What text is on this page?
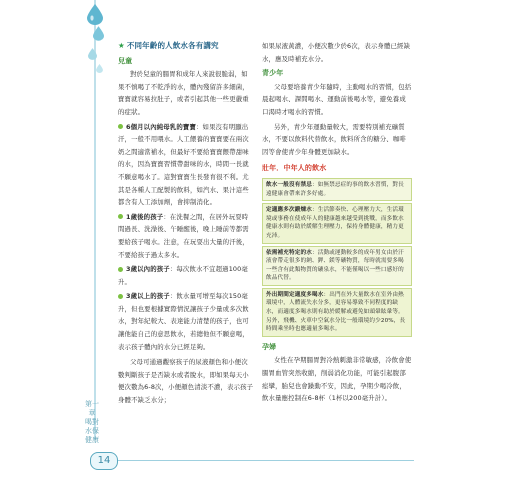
第一章 喝對水保健康
14
★ 不同年齡的人飲水各有講究
兒童

對於兒童的腸胃和成年人來說很脆弱，如果不慎喝了不乾淨的水，體內殘留許多細菌，寶寶就容易拉肚子，或者引起其他一些更嚴重的症狀。

6個月以內純母乳的寶寶：如果沒有明顯出汗，一般不用喂水。人工餵養的寶寶要在兩次奶之間適當補水，但最好不要給寶寶餵帶甜味的水，因為寶寶習慣帶甜味的水，時間一長就不願意喝水了。這對寶寶生長發育很不利。尤其是各種人工配製的飲料，如汽水、果汁這些都含有人工添加劑，會抑制消化。

1歲後的孩子：在洗餐之間，在居外玩耍時間過長、洗澡後、午睡醒後，晚上睡前等都需要給孩子喝水。注意，在玩耍出大量的汗後，不要給孩子過太多水。

3歲以內的孩子：每次飲水不宜超過100毫升。

3歲以上的孩子：飲水量可增至每次150毫升，但也要根據實際情況讓孩子少量或多次飲水，對年紀較大、表達能力清楚的孩子，也可讓他能自己的意思飲水，若總他但不願意喝，表示孩子體內的水分已經足夠。

父母可通過觀察孩子的尿液顏色和小便次數判斷孩子是否缺水或者脫水，即如果每天小便次數為6-8次，小便顏色清淡不濃，表示孩子身體不缺乏水分；

如果尿液黃濃，小便次數少於6次，表示身體已經缺水，應及時補充水分。

青少年

父母要培養青少年隨時，主動喝水的習慣，包括晨起喝水、課間喝水、運動前後喝水等，避免養成口渴時才喝水的習慣。

另外，青少年運動量較大，需要特別補充礦質水，不要以飲料代替飲水，飲料所含的糖分、咖啡因等會使青少年身體更加缺水。

壯年．中年人的飲水
飲水一般沒有禁忌：如無禁忌症的事的飲水習慣，對長遠健康會帶來許多好處。
定適應多次鍛煉水：生活節奏快、心理壓力大，生活環境或事務在使成年人的健康越來越受到挑戰，而多飲水健康水則有助於緩解生理壓力，保持身體健康，精力更充沛。
依需補充特定的水：活動或運動較多的成年男女由於汗液會帶走很多的鈉、鉀、鎂等礦物質，每時就需要多喝一些含有此類物質的礦泉水，不能僅喝以一些口感好的飲品代替。
外出期間定適度多喝水：出門在外大量飲水在室外由熱環境中，人體流失水分多，更容易導致不同程度的缺水，而適度多喝水則有助於緩解或避免如頭暈眩暈等。另外，飛機、火車中空氣水分比一般環境約少20%，長時間乘坐時也應適量多喝水。
孕婦

女性在孕期腸胃對冷熱刺激非常敏感，冷飲會使腸胃血管突然收縮，削弱消化功能，可能引起腹部痙攣，胎兒也會躁動不安，因此，孕期少喝冷飲，飲水量應控制在6-8杯（1杯以200毫升計）。
